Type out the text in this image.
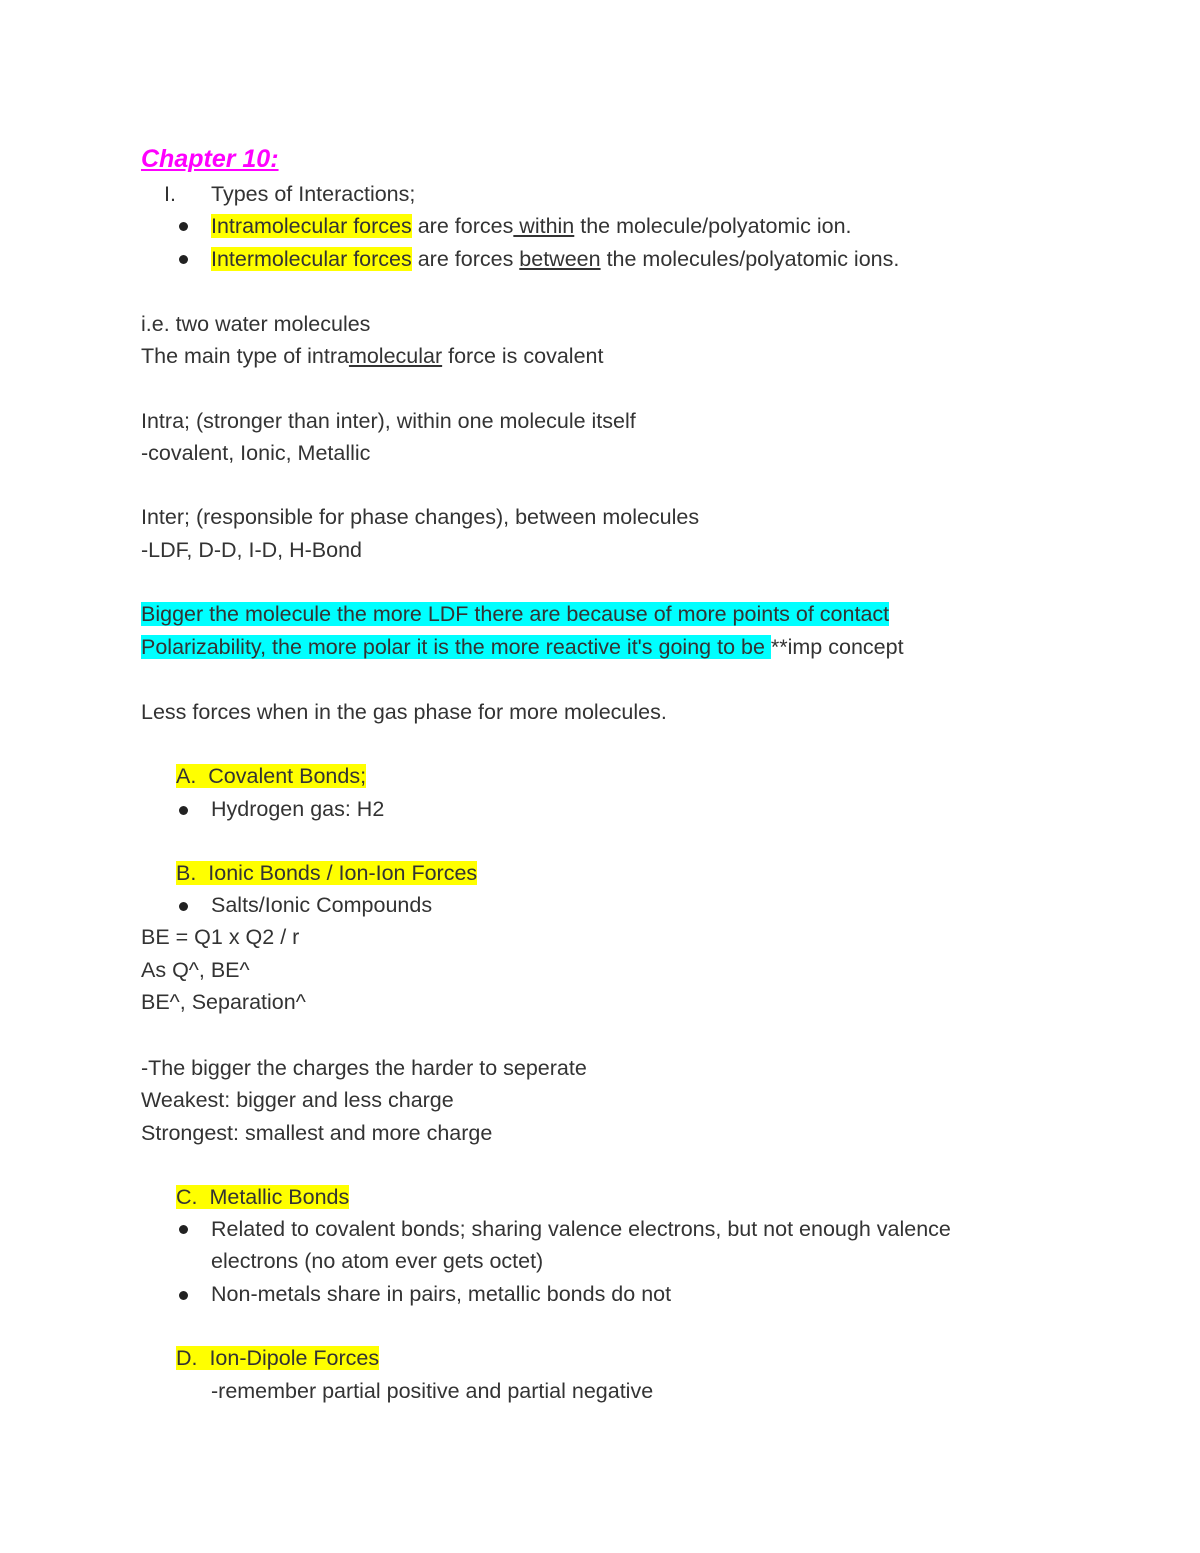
Chapter 10:
I. Types of Interactions;
Intramolecular forces are forces within the molecule/polyatomic ion.
Intermolecular forces are forces between the molecules/polyatomic ions.
i.e. two water molecules
The main type of intramolecular force is covalent
Intra; (stronger than inter), within one molecule itself
-covalent, Ionic, Metallic
Inter; (responsible for phase changes), between molecules
-LDF, D-D, I-D, H-Bond
Bigger the molecule the more LDF there are because of more points of contact
Polarizability, the more polar it is the more reactive it's going to be **imp concept
Less forces when in the gas phase for more molecules.
A. Covalent Bonds;
Hydrogen gas: H2
B. Ionic Bonds / Ion-Ion Forces
Salts/Ionic Compounds
BE = Q1 x Q2 / r
As Q^, BE^
BE^, Separation^
-The bigger the charges the harder to seperate
Weakest: bigger and less charge
Strongest: smallest and more charge
C. Metallic Bonds
Related to covalent bonds; sharing valence electrons, but not enough valence
electrons (no atom ever gets octet)
Non-metals share in pairs, metallic bonds do not
D. Ion-Dipole Forces
-remember partial positive and partial negative
